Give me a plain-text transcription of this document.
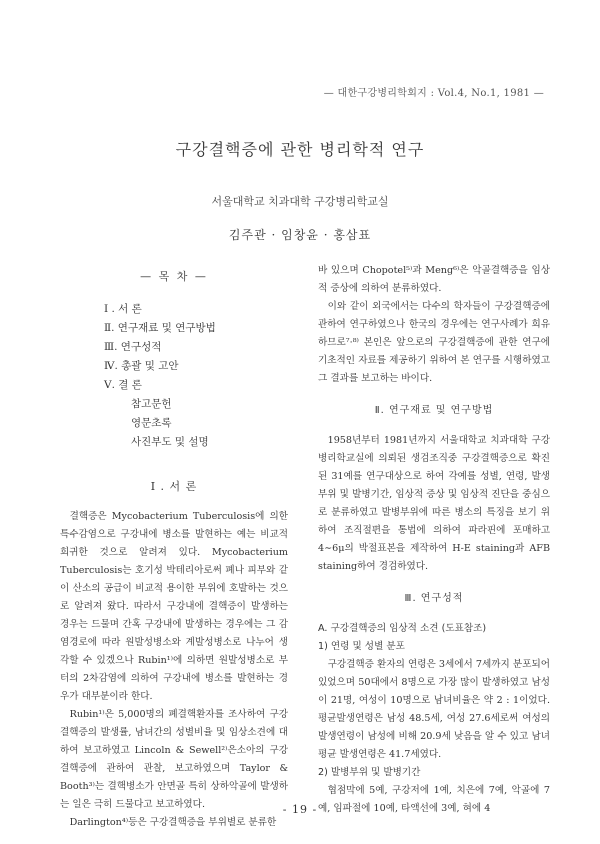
— 대한구강병리학회지 : Vol.4, No.1, 1981 —
구강결핵증에 관한 병리학적 연구
서울대학교 치과대학 구강병리학교실
김주관 · 임창윤 · 홍삼표
— 목 차 —
I . 서 론
Ⅱ. 연구재료 및 연구방법
Ⅲ. 연구성적
Ⅳ. 총괄 및 고안
Ⅴ. 결 론
참고문헌
영문초록
사진부도 및 설명
I . 서 론

결핵증은 Mycobacterium Tuberculosis에 의한 특수감염으로 구강내에 병소를 발현하는 예는 비교적 희귀한 것으로 알려져 있다. Mycobacterium Tuberculosis는 호기성 박테리아로써 폐나 피부와 같이 산소의 공급이 비교적 용이한 부위에 호발하는 것으로 알려져 왔다. 따라서 구강내에 결핵증이 발생하는 경우는 드물며 간혹 구강내에 발생하는 경우에는 그 감염경로에 따라 원발성병소와 계발성병소로 나누어 생각할 수 있겠으나 Rubin¹⁾에 의하면 원발성병소로 부터의 2차감염에 의하여 구강내에 병소를 발현하는 경우가 대부분이라 한다.

Rubin¹⁾은 5,000명의 폐결핵환자를 조사하여 구강결핵증의 발생률, 남녀간의 성별비율 및 임상소견에 대하여 보고하였고 Lincoln & Sewell²⁾은소아의 구강결핵증에 관하여 관찰, 보고하였으며 Taylor & Booth³⁾는 결핵병소가 안면골 특히 상하악골에 발생하는 일은 극히 드물다고 보고하였다.

Darlington⁴⁾등은 구강결핵증을 부위별로 분류한

바 있으며 Chopotel⁵⁾과 Meng⁶⁾은 악골결핵증을 임상적 증상에 의하여 분류하였다.

이와 같이 외국에서는 다수의 학자들이 구강결핵증에 관하여 연구하였으나 한국의 경우에는 연구사례가 희유하므로⁷·⁸⁾ 본인은 앞으로의 구강결핵증에 관한 연구에 기초적인 자료를 제공하기 위하여 본 연구를 시행하였고 그 결과를 보고하는 바이다.

Ⅱ. 연구재료 및 연구방법

1958년부터 1981년까지 서울대학교 치과대학 구강병리학교실에 의뢰된 생검조직중 구강결핵증으로 확진된 31예를 연구대상으로 하여 각예를 성별, 연령, 발생부위 및 발병기간, 임상적 증상 및 임상적 진단을 중심으로 분류하였고 발병부위에 따른 병소의 특징을 보기 위하여 조직절편을 통법에 의하여 파라핀에 포매하고 4∼6μ의 박절표본을 제작하여 H-E staining과 AFB staining하여 경검하였다.

Ⅲ. 연구성적
A. 구강결핵증의 임상적 소견 (도표참조)
1) 연령 및 성별 분포

구강결핵증 환자의 연령은 3세에서 7세까지 분포되어 있었으며 50대에서 8명으로 가장 많이 발생하였고 남성이 21명, 여성이 10명으로 남녀비율은 약 2 : 1이었다. 평균발생연령은 남성 48.5세, 여성 27.6세로써 여성의 발생연령이 남성에 비해 20.9세 낮음을 알 수 있고 남녀평균 발생연령은 41.7세였다.

2) 발병부위 및 발병기간

협점막에 5예, 구강저에 1예, 치은에 7예, 악골에 7예, 임파절에 10예, 타액선에 3예, 혀에 4

- 19 -
